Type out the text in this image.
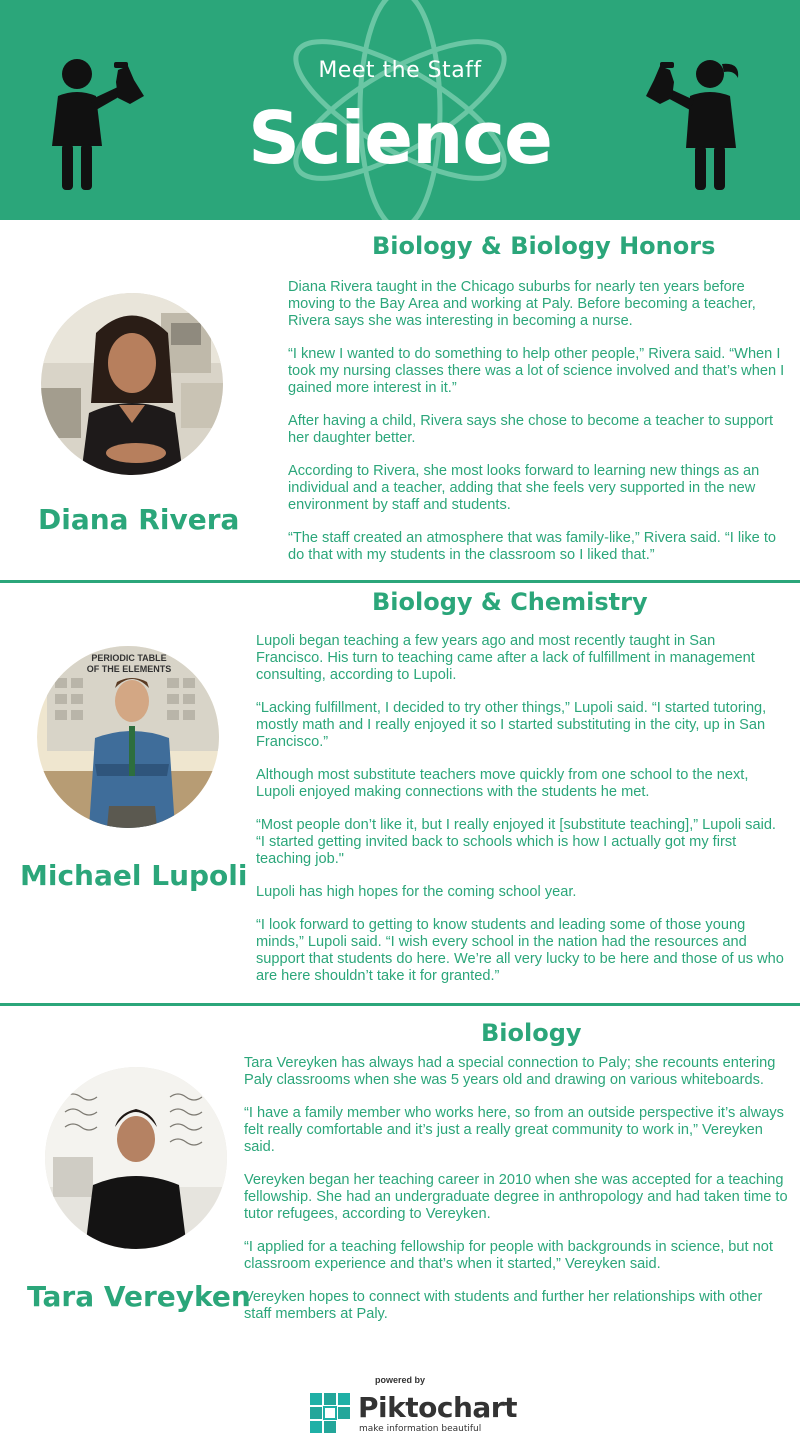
Meet the Staff
Science
Biology & Biology Honors
Diana Rivera

Diana Rivera taught in the Chicago suburbs for nearly ten years before moving to the Bay Area and working at Paly. Before becoming a teacher, Rivera says she was interesting in becoming a nurse.

“I knew I wanted to do something to help other people,” Rivera said. “When I took my nursing classes there was a lot of science involved and that’s when I gained more interest in it.”

After having a child, Rivera says she chose to become a teacher to support her daughter better.

According to Rivera, she most looks forward to learning new things as an individual and a teacher, adding that she feels very supported in the new environment by staff and students.

“The staff created an atmosphere that was family-like,” Rivera said. “I like to do that with my students in the classroom so I liked that.”

Biology & Chemistry
PERIODIC TABLE
OF THE ELEMENTS
Michael Lupoli

Lupoli began teaching a few years ago and most recently taught in San Francisco. His turn to teaching came after a lack of fulfillment in management consulting, according to Lupoli.

“Lacking fulfillment, I decided to try other things,” Lupoli said. “I started tutoring, mostly math and I really enjoyed it so I started substituting in the city, up in San Francisco.”

Although most substitute teachers move quickly from one school to the next, Lupoli enjoyed making connections with the students he met.

“Most people don’t like it, but I really enjoyed it [substitute teaching],” Lupoli said. “I started getting invited back to schools which is how I actually got my first teaching job."

Lupoli has high hopes for the coming school year.

“I look forward to getting to know students and leading some of those young minds,” Lupoli said. “I wish every school in the nation had the resources and support that students do here. We’re all very lucky to be here and those of us who are here shouldn’t take it for granted.”

Biology
Tara Vereyken

Tara Vereyken has always had a special connection to Paly; she recounts entering Paly classrooms when she was 5 years old and drawing on various whiteboards.

“I have a family member who works here, so from an outside perspective it’s always felt really comfortable and it’s just a really great community to work in,” Vereyken said.

Vereyken began her teaching career in 2010 when she was accepted for a teaching fellowship. She had an undergraduate degree in anthropology and had taken time to tutor refugees, according to Vereyken.

“I applied for a teaching fellowship for people with backgrounds in science, but not classroom experience and that’s when it started,” Vereyken said.

Vereyken hopes to connect with students and further her relationships with other staff members at Paly.

powered by
Piktochart
make information beautiful
